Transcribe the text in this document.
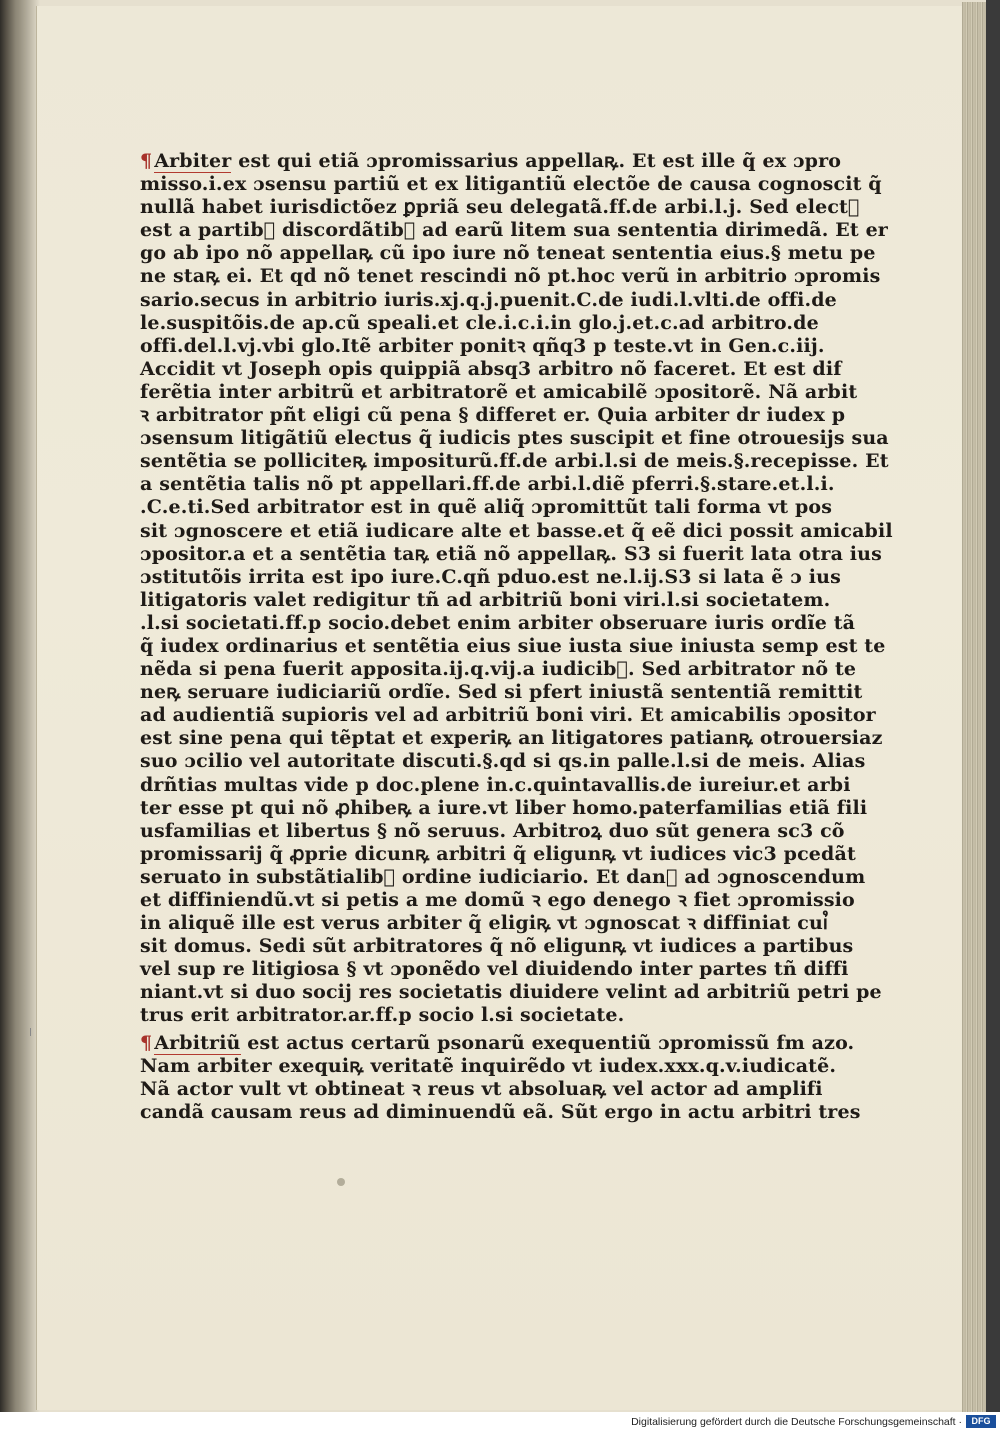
¶ Arbiter est qui etiã ɔpromissarius appellaꝶ. Et est ille q̃ ex ɔpro
misso.i.ex ɔsensu partiũ et ex litigantiũ electõe de causa cognoscit q̃
nullã habet iurisdictõez ꝑpriã seu delegatã.ff.de arbi.l.j. Sed elect᷒
est a partib᷒ discordãtib᷒ ad earũ litem sua sententia dirimedã. Et er
go ab ipo nõ appellaꝶ cũ ipo iure nõ teneat sententia eius.§ metu pe
ne staꝶ ei. Et qd nõ tenet rescindi nõ pt.hoc verũ in arbitrio ɔpromis
sario.secus in arbitrio iuris.xj.q.j.puenit.C.de iudi.l.vlti.de offi.de
le.suspitõis.de ap.cũ speali.et cle.i.c.i.in glo.j.et.c.ad arbitro.de
offi.del.l.vj.vbi glo.Itẽ arbiter ponitꝛ qñq3 p teste.vt in Gen.c.iij.
Accidit vt Joseph opis quippiã absq3 arbitro nõ faceret. Et est dif
ferẽtia inter arbitrũ et arbitratorẽ et amicabilẽ ɔpositorẽ. Nã arbit
ꝛ arbitrator pñt eligi cũ pena § differet er. Quia arbiter dr iudex p
ɔsensum litigãtiũ electus q̃ iudicis ptes suscipit et fine otrouesijs sua
sentẽtia se polliciteꝶ impositurũ.ff.de arbi.l.si de meis.§.recepisse. Et
a sentẽtia talis nõ pt appellari.ff.de arbi.l.diẽ pferri.§.stare.et.l.i.
.C.e.ti.Sed arbitrator est in quẽ aliq̃ ɔpromittũt tali forma vt pos
sit ɔgnoscere et etiã iudicare alte et basse.et q̃ eẽ dici possit amicabil
ɔpositor.a et a sentẽtia taꝶ etiã nõ appellaꝶ. S3 si fuerit lata otra ius
ɔstitutõis irrita est ipo iure.C.qñ pduo.est ne.l.ij.S3 si lata ẽ ɔ ius
litigatoris valet redigitur tñ ad arbitriũ boni viri.l.si societatem.
.l.si societati.ff.p socio.debet enim arbiter obseruare iuris ordĩe tã
q̃ iudex ordinarius et sentẽtia eius siue iusta siue iniusta semp est te
nẽda si pena fuerit apposita.ij.q.vij.a iudicib᷒. Sed arbitrator nõ te
neꝶ seruare iudiciariũ ordĩe. Sed si pfert iniustã sententiã remittit
ad audientiã supioris vel ad arbitriũ boni viri. Et amicabilis ɔpositor
est sine pena qui tẽptat et experiꝶ an litigatores patianꝶ otrouersiaz
suo ɔcilio vel autoritate discuti.§.qd si qs.in palle.l.si de meis. Alias
drñtias multas vide p doc.plene in.c.quintavallis.de iureiur.et arbi
ter esse pt qui nõ ꝓhibeꝶ a iure.vt liber homo.paterfamilias etiã fili
usfamilias et libertus § nõ seruus. Arbitroꝝ duo sũt genera sc3 cõ
promissarij q̃ ꝓprie dicunꝶ arbitri q̃ eligunꝶ vt iudices vic3 pcedãt
seruato in substãtialib᷒ ordine iudiciario. Et danꝶ ad ɔgnoscendum
et diffiniendũ.vt si petis a me domũ ꝛ ego denego ꝛ fiet ɔpromissio
in aliquẽ ille est verus arbiter q̃ eligiꝶ vt ɔgnoscat ꝛ diffiniat cui᷒
sit domus. Sedi sũt arbitratores q̃ nõ eligunꝶ vt iudices a partibus
vel sup re litigiosa § vt ɔponẽdo vel diuidendo inter partes tñ diffi
niant.vt si duo socij res societatis diuidere velint ad arbitriũ petri pe
trus erit arbitrator.ar.ff.p socio l.si societate.
¶ Arbitriũ est actus certarũ psonarũ exequentiũ ɔpromissũ fm azo.
Nam arbiter exequiꝶ veritatẽ inquirẽdo vt iudex.xxx.q.v.iudicatẽ.
Nã actor vult vt obtineat ꝛ reus vt absoluaꝶ vel actor ad amplifi
candã causam reus ad diminuendũ eã. Sũt ergo in actu arbitri tres
Digitalisierung gefördert durch die Deutsche Forschungsgemeinschaft ·	DFG
